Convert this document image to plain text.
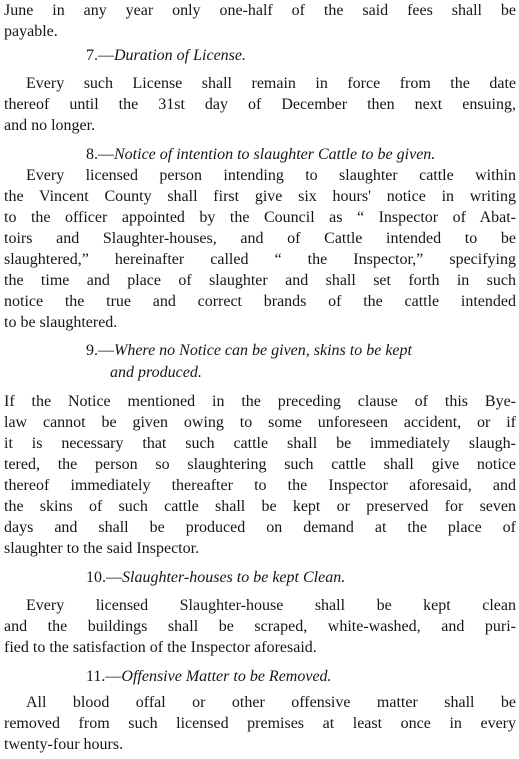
June in any year only one-half of the said fees shall be
payable.
7.—Duration of License.
Every such License shall remain in force from the date
thereof until the 31st day of December then next ensuing,
and no longer.
8.—Notice of intention to slaughter Cattle to be given.
Every licensed person intending to slaughter cattle within
the Vincent County shall first give six hours' notice in writing
to the officer appointed by the Council as “ Inspector of Abat-
toirs and Slaughter-houses, and of Cattle intended to be
slaughtered,” hereinafter called “ the Inspector,” specifying
the time and place of slaughter and shall set forth in such
notice the true and correct brands of the cattle intended
to be slaughtered.
9.—Where no Notice can be given, skins to be kept
and produced.
If the Notice mentioned in the preceding clause of this Bye-
law cannot be given owing to some unforeseen accident, or if
it is necessary that such cattle shall be immediately slaugh-
tered, the person so slaughtering such cattle shall give notice
thereof immediately thereafter to the Inspector aforesaid, and
the skins of such cattle shall be kept or preserved for seven
days and shall be produced on demand at the place of
slaughter to the said Inspector.
10.—Slaughter-houses to be kept Clean.
Every licensed Slaughter-house shall be kept clean
and the buildings shall be scraped, white-washed, and puri-
fied to the satisfaction of the Inspector aforesaid.
11.—Offensive Matter to be Removed.
All blood offal or other offensive matter shall be
removed from such licensed premises at least once in every
twenty-four hours.
